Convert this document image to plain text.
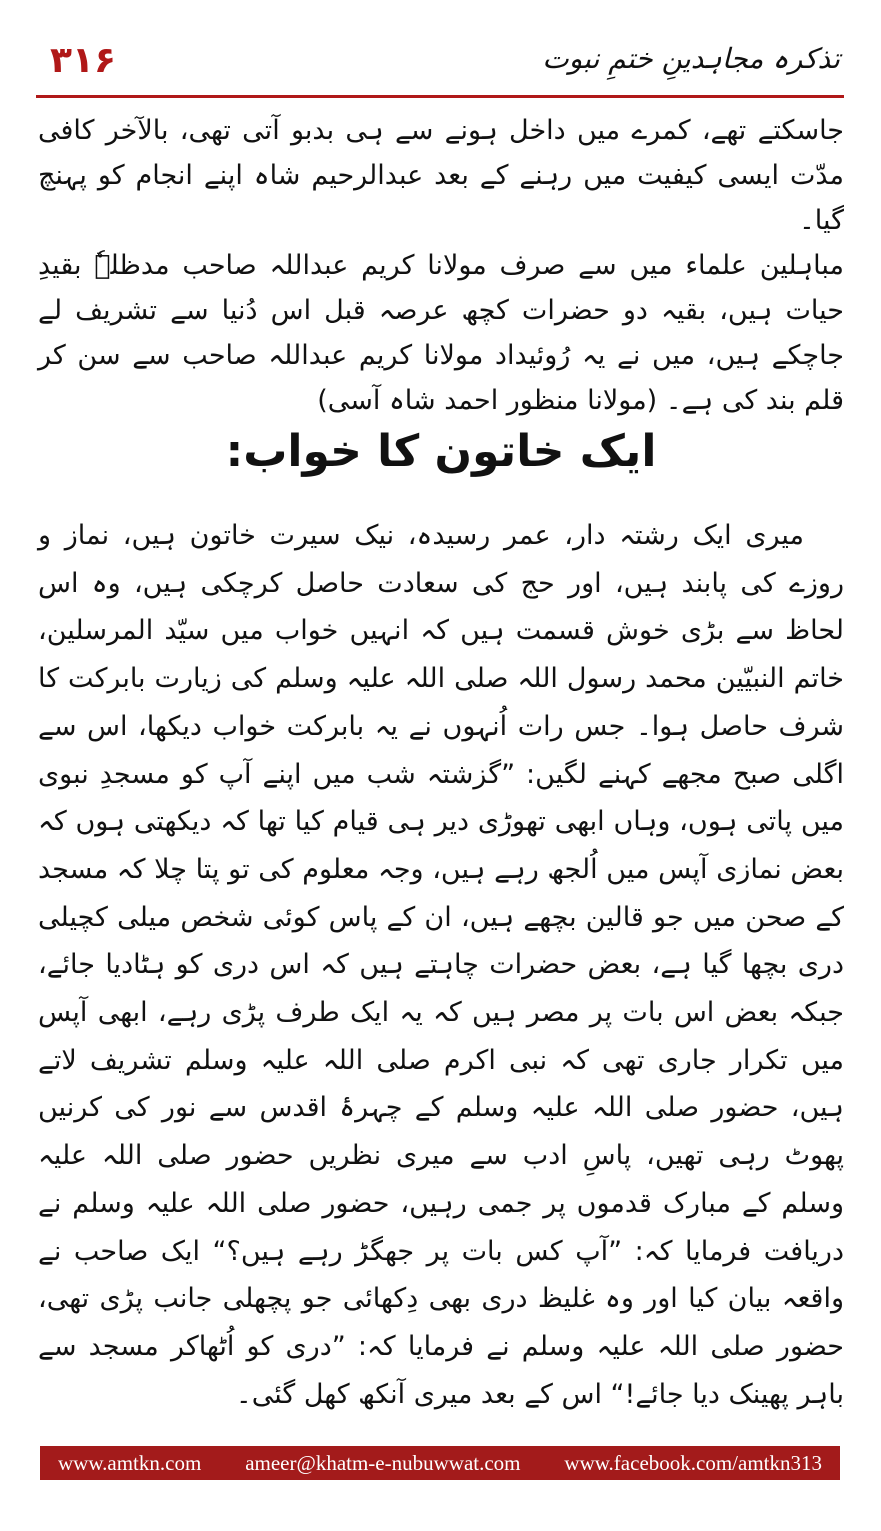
۳۱۶	تذکرہ مجاہدینِ ختمِ نبوت

جاسکتے تھے، کمرے میں داخل ہونے سے ہی بدبو آتی تھی، بالآخر کافی مدّت ایسی کیفیت میں رہنے کے بعد عبدالرحیم شاہ اپنے انجام کو پہنچ گیا۔

مباہلین علماء میں سے صرف مولانا کریم عبداللہ صاحب مدظلہٗ بقیدِ حیات ہیں، بقیہ دو حضرات کچھ عرصہ قبل اس دُنیا سے تشریف لے جاچکے ہیں، میں نے یہ رُوئیداد مولانا کریم عبداللہ صاحب سے سن کر قلم بند کی ہے۔ (مولانا منظور احمد شاہ آسی)

ایک خاتون کا خواب:

میری ایک رشتہ دار، عمر رسیدہ، نیک سیرت خاتون ہیں، نماز و روزے کی پابند ہیں، اور حج کی سعادت حاصل کرچکی ہیں، وہ اس لحاظ سے بڑی خوش قسمت ہیں کہ انہیں خواب میں سیّد المرسلین، خاتم النبیّین محمد رسول اللہ صلی اللہ علیہ وسلم کی زیارت بابرکت کا شرف حاصل ہوا۔ جس رات اُنہوں نے یہ بابرکت خواب دیکھا، اس سے اگلی صبح مجھے کہنے لگیں: ”گزشتہ شب میں اپنے آپ کو مسجدِ نبوی میں پاتی ہوں، وہاں ابھی تھوڑی دیر ہی قیام کیا تھا کہ دیکھتی ہوں کہ بعض نمازی آپس میں اُلجھ رہے ہیں، وجہ معلوم کی تو پتا چلا کہ مسجد کے صحن میں جو قالین بچھے ہیں، ان کے پاس کوئی شخص میلی کچیلی دری بچھا گیا ہے، بعض حضرات چاہتے ہیں کہ اس دری کو ہٹادیا جائے، جبکہ بعض اس بات پر مصر ہیں کہ یہ ایک طرف پڑی رہے، ابھی آپس میں تکرار جاری تھی کہ نبی اکرم صلی اللہ علیہ وسلم تشریف لاتے ہیں، حضور صلی اللہ علیہ وسلم کے چہرۂ اقدس سے نور کی کرنیں پھوٹ رہی تھیں، پاسِ ادب سے میری نظریں حضور صلی اللہ علیہ وسلم کے مبارک قدموں پر جمی رہیں، حضور صلی اللہ علیہ وسلم نے دریافت فرمایا کہ: ”آپ کس بات پر جھگڑ رہے ہیں؟“ ایک صاحب نے واقعہ بیان کیا اور وہ غلیظ دری بھی دِکھائی جو پچھلی جانب پڑی تھی، حضور صلی اللہ علیہ وسلم نے فرمایا کہ: ”دری کو اُٹھاکر مسجد سے باہر پھینک دیا جائے!“ اس کے بعد میری آنکھ کھل گئی۔

www.amtkn.com ameer@khatm-e-nubuwwat.com www.facebook.com/amtkn313
